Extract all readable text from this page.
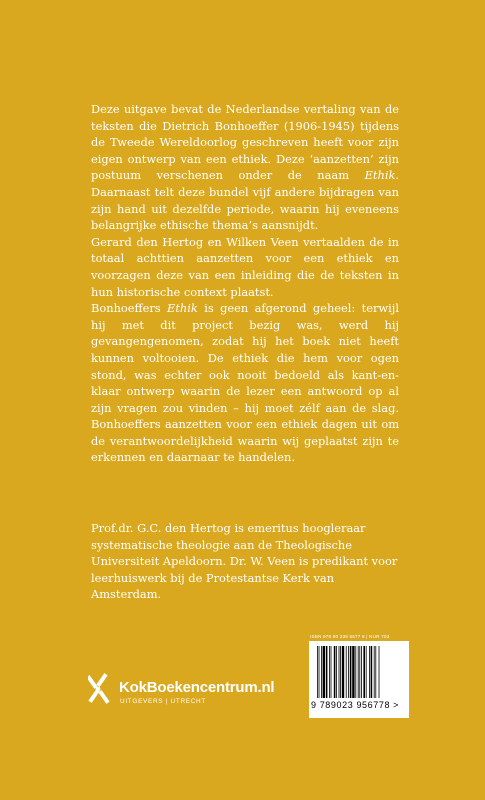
Deze uitgave bevat de Nederlandse vertaling van de teksten die Dietrich Bonhoeffer (1906-1945) tijdens de Tweede Wereldoorlog geschreven heeft voor zijn eigen ontwerp van een ethiek. Deze ‘aanzetten’ zijn postuum verschenen onder de naam Ethik. Daarnaast telt deze bundel vijf andere bijdragen van zijn hand uit dezelfde periode, waarin hij eveneens belangrijke ethische thema’s aansnijdt.

Gerard den Hertog en Wilken Veen vertaalden de in totaal achttien aanzetten voor een ethiek en voorzagen deze van een inleiding die de teksten in hun historische context plaatst.

Bonhoeffers Ethik is geen afgerond geheel: terwijl hij met dit project bezig was, werd hij gevangengenomen, zodat hij het boek niet heeft kunnen voltooien. De ethiek die hem voor ogen stond, was echter ook nooit bedoeld als kant-en-klaar ontwerp waarin de lezer een antwoord op al zijn vragen zou vinden – hij moet zélf aan de slag. Bonhoeffers aanzetten voor een ethiek dagen uit om de verantwoordelijkheid waarin wij geplaatst zijn te erkennen en daarnaar te handelen.

Prof.dr. G.C. den Hertog is emeritus hoogleraar systematische theologie aan de Theologische Universiteit Apeldoorn. Dr. W. Veen is predikant voor leerhuiswerk bij de Protestantse Kerk van Amsterdam.
ISBN 978 90 239 5677 8 | NUR 703
9 789023 956778 >
KokBoekencentrum.nl
UITGEVERS | UTRECHT
